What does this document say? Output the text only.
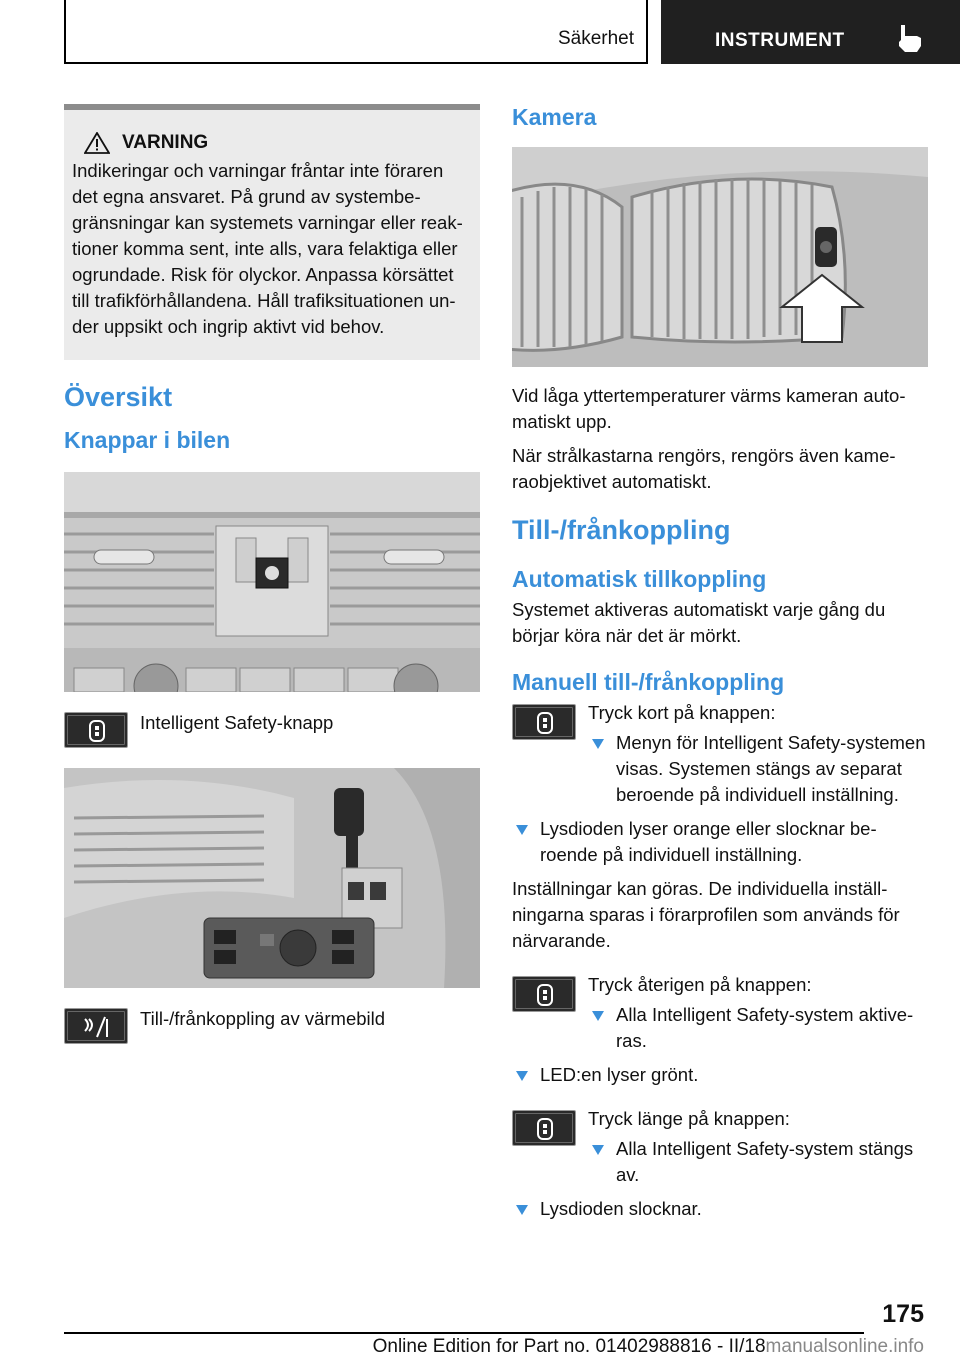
Säkerhet	INSTRUMENT
VARNING

Indikeringar och varningar fråntar inte föraren det egna ansvaret. På grund av systembegränsningar kan systemets varningar eller reaktioner komma sent, inte alls, vara felaktiga eller ogrundade. Risk för olyckor. Anpassa körsättet till trafikförhållandena. Håll trafiksituationen under uppsikt och ingrip aktivt vid behov.

Översikt
Knappar i bilen

Intelligent Safety-knapp

Till-/frånkoppling av värmebild

Kamera

Vid låga yttertemperaturer värms kameran automatiskt upp.

När strålkastarna rengörs, rengörs även kameraobjektivet automatiskt.

Till-/frånkoppling
Automatisk tillkoppling

Systemet aktiveras automatiskt varje gång du börjar köra när det är mörkt.

Manuell till-/frånkoppling

Tryck kort på knappen:

Menyn för Intelligent Safety-systemen visas. Systemen stängs av separat beroende på individuell inställning.
Lysdioden lyser orange eller slocknar beroende på individuell inställning.

Inställningar kan göras. De individuella inställningarna sparas i förarprofilen som används för närvarande.

Tryck återigen på knappen:

Alla Intelligent Safety-system aktiveras.
LED:en lyser grönt.

Tryck länge på knappen:

Alla Intelligent Safety-system stängs av.
Lysdioden slocknar.
175
Online Edition for Part no. 01402988816 - II/18manualsonline.info
